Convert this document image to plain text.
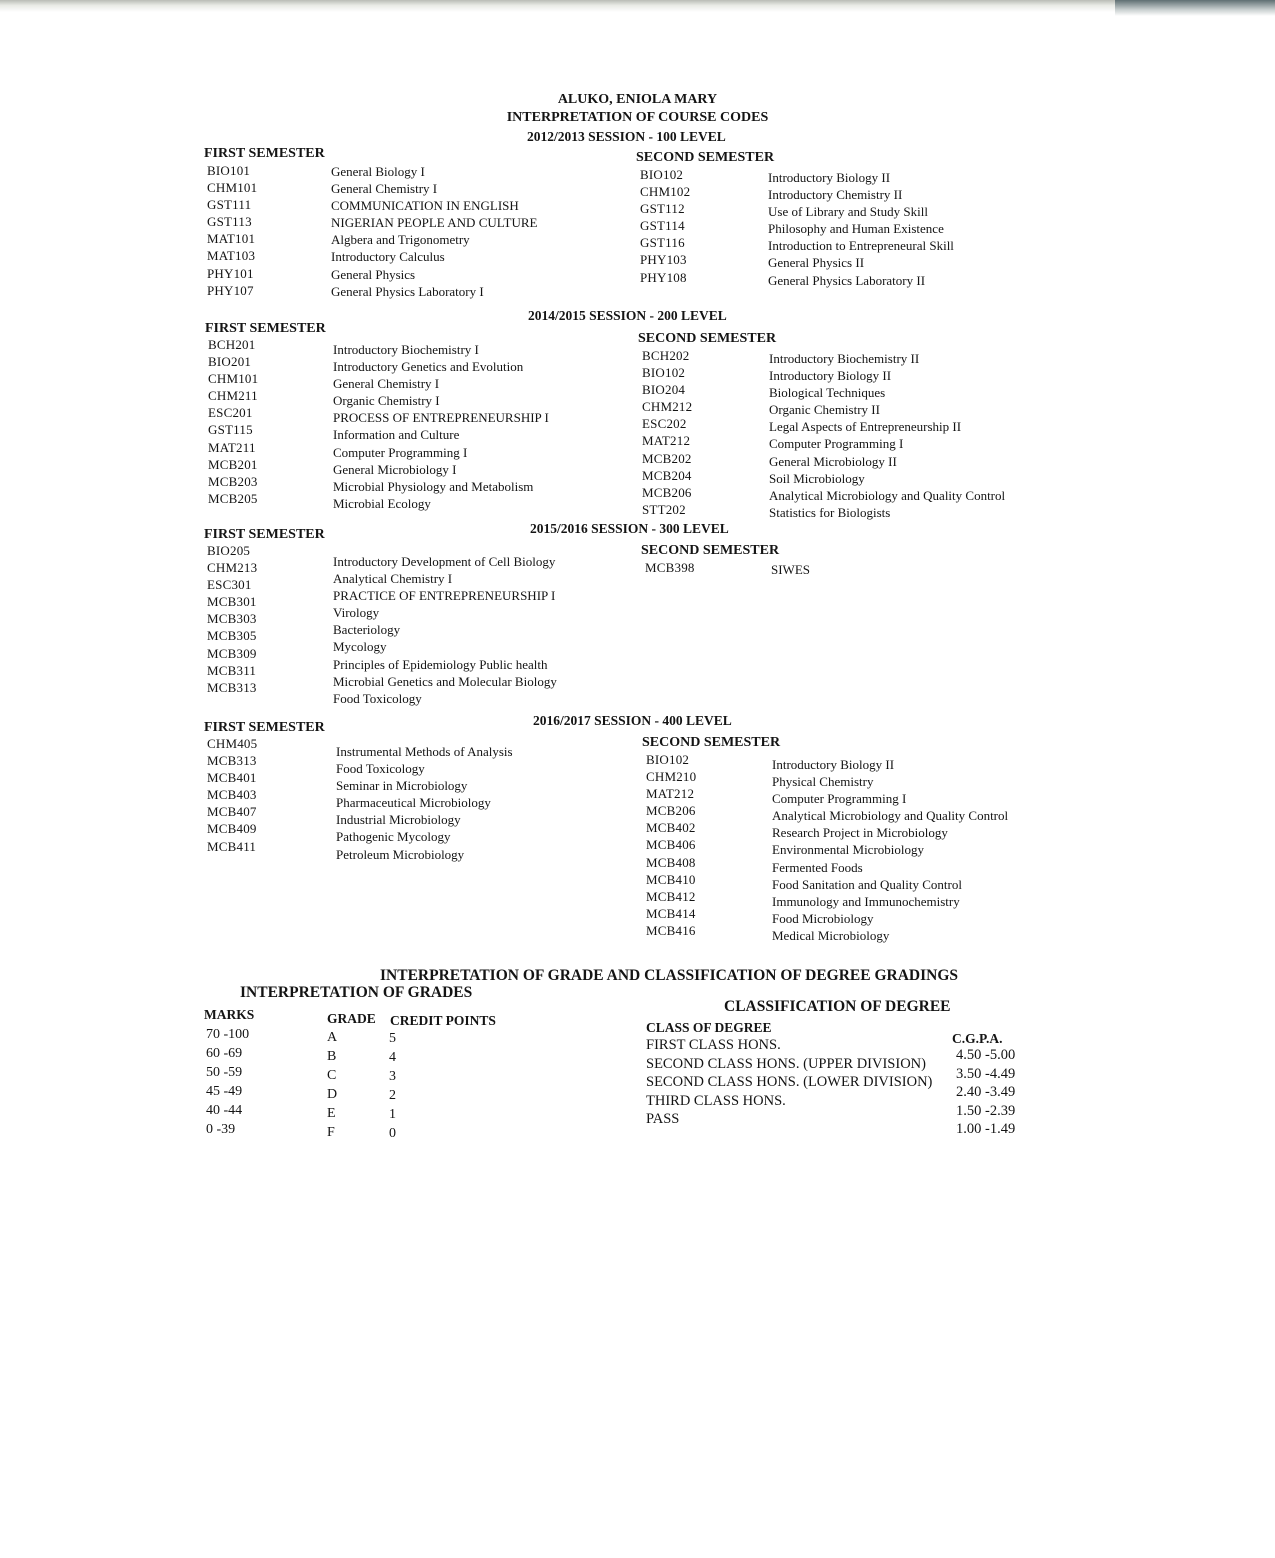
ALUKO, ENIOLA MARY
INTERPRETATION OF COURSE CODES
2012/2013 SESSION - 100 LEVEL
FIRST SEMESTER
BIO101
CHM101
GST111
GST113
MAT101
MAT103
PHY101
PHY107
General Biology I
General Chemistry I
COMMUNICATION IN ENGLISH
NIGERIAN PEOPLE AND CULTURE
Algbera and Trigonometry
Introductory Calculus
General Physics
General Physics Laboratory I
SECOND SEMESTER
BIO102
CHM102
GST112
GST114
GST116
PHY103
PHY108
Introductory Biology II
Introductory Chemistry II
Use of Library and Study Skill
Philosophy and Human Existence
Introduction to Entrepreneural Skill
General Physics II
General Physics Laboratory II
2014/2015 SESSION - 200 LEVEL
FIRST SEMESTER
BCH201
BIO201
CHM101
CHM211
ESC201
GST115
MAT211
MCB201
MCB203
MCB205
Introductory Biochemistry I
Introductory Genetics and Evolution
General Chemistry I
Organic Chemistry I
PROCESS OF ENTREPRENEURSHIP I
Information and Culture
Computer Programming I
General Microbiology I
Microbial Physiology and Metabolism
Microbial Ecology
SECOND SEMESTER
BCH202
BIO102
BIO204
CHM212
ESC202
MAT212
MCB202
MCB204
MCB206
STT202
Introductory Biochemistry II
Introductory Biology II
Biological Techniques
Organic Chemistry II
Legal Aspects of Entrepreneurship II
Computer Programming I
General Microbiology II
Soil Microbiology
Analytical Microbiology and Quality Control
Statistics for Biologists
2015/2016 SESSION - 300 LEVEL
FIRST SEMESTER
BIO205
CHM213
ESC301
MCB301
MCB303
MCB305
MCB309
MCB311
MCB313
Introductory Development of Cell Biology
Analytical Chemistry I
PRACTICE OF ENTREPRENEURSHIP I
Virology
Bacteriology
Mycology
Principles of Epidemiology Public health
Microbial Genetics and Molecular Biology
Food Toxicology
SECOND SEMESTER
MCB398	SIWES
2016/2017 SESSION - 400 LEVEL
FIRST SEMESTER
CHM405
MCB313
MCB401
MCB403
MCB407
MCB409
MCB411
Instrumental Methods of Analysis
Food Toxicology
Seminar in Microbiology
Pharmaceutical Microbiology
Industrial Microbiology
Pathogenic Mycology
Petroleum Microbiology
SECOND SEMESTER
BIO102
CHM210
MAT212
MCB206
MCB402
MCB406
MCB408
MCB410
MCB412
MCB414
MCB416
Introductory Biology II
Physical Chemistry
Computer Programming I
Analytical Microbiology and Quality Control
Research Project in Microbiology
Environmental Microbiology
Fermented Foods
Food Sanitation and Quality Control
Immunology and Immunochemistry
Food Microbiology
Medical Microbiology
INTERPRETATION OF GRADE AND CLASSIFICATION OF DEGREE GRADINGS
INTERPRETATION OF GRADES
MARKS	GRADE CREDIT POINTS
70 -100
60 -69
50 -59
45 -49
40 -44
0 -39
A
B
C
D
E
F
5
4
3
2
1
0
CLASSIFICATION OF DEGREE
CLASS OF DEGREE
C.G.P.A.
FIRST CLASS HONS.
SECOND CLASS HONS. (UPPER DIVISION)
SECOND CLASS HONS. (LOWER DIVISION)
THIRD CLASS HONS.
PASS
4.50 -5.00
3.50 -4.49
2.40 -3.49
1.50 -2.39
1.00 -1.49
